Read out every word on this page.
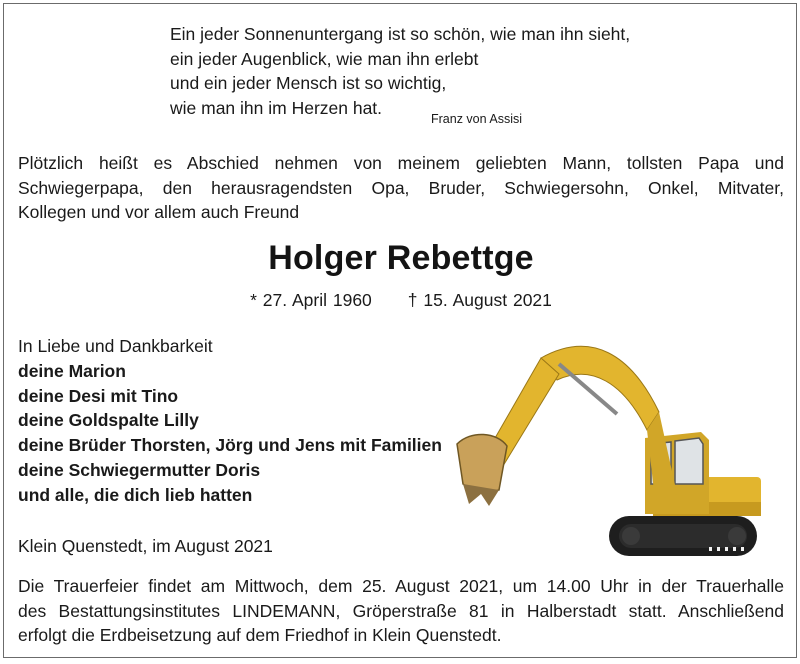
Ein jeder Sonnenuntergang ist so schön, wie man ihn sieht,
ein jeder Augenblick, wie man ihn erlebt
und ein jeder Mensch ist so wichtig,
wie man ihn im Herzen hat.
Franz von Assisi
Plötzlich heißt es Abschied nehmen von meinem geliebten Mann, tollsten Papa und
Schwiegerpapa, den herausragendsten Opa, Bruder, Schwiegersohn, Onkel, Mitvater,
Kollegen und vor allem auch Freund
Holger Rebettge
* 27. April 1960 † 15. August 2021
In Liebe und Dankbarkeit
deine Marion
deine Desi mit Tino
deine Goldspalte Lilly
deine Brüder Thorsten, Jörg und Jens mit Familien
deine Schwiegermutter Doris
und alle, die dich lieb hatten
Klein Quenstedt, im August 2021
Die Trauerfeier findet am Mittwoch, dem 25. August 2021, um 14.00 Uhr in der Trauerhalle
des Bestattungsinstitutes LINDEMANN, Gröperstraße 81 in Halberstadt statt. Anschließend
erfolgt die Erdbeisetzung auf dem Friedhof in Klein Quenstedt.
